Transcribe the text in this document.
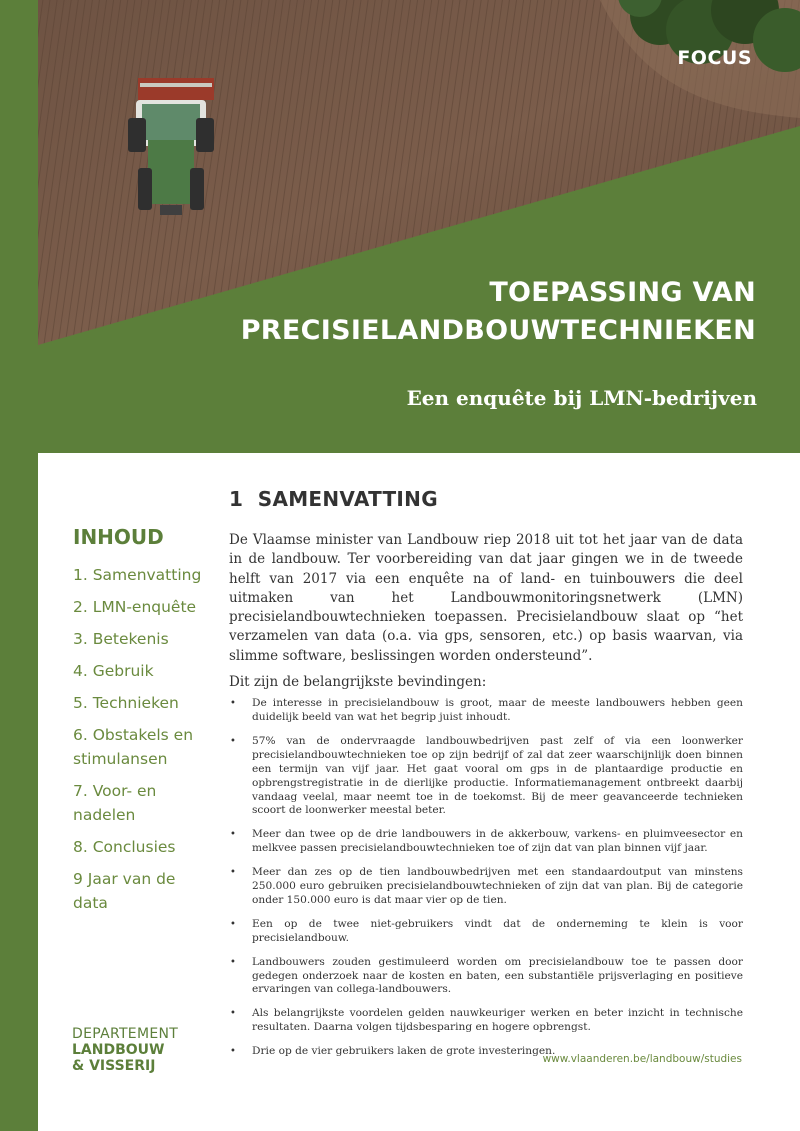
FOCUS
TOEPASSING VAN
PRECISIELANDBOUWTECHNIEKEN
Een enquête bij LMN-bedrijven
INHOUD
1. Samenvatting
2. LMN-enquête
3. Betekenis
4. Gebruik
5. Technieken
6. Obstakels en stimulansen
7. Voor- en nadelen
8. Conclusies
9 Jaar van de data
DEPARTEMENT
LANDBOUW
& VISSERIJ
1 SAMENVATTING

De Vlaamse minister van Landbouw riep 2018 uit tot het jaar van de data in de landbouw. Ter voorbereiding van dat jaar gingen we in de tweede helft van 2017 via een enquête na of land- en tuinbouwers die deel uitmaken van het Landbouwmonitoringsnetwerk (LMN) precisielandbouwtechnieken toepassen. Precisielandbouw slaat op “het verzamelen van data (o.a. via gps, sensoren, etc.) op basis waarvan, via slimme software, beslissingen worden ondersteund”.

Dit zijn de belangrijkste bevindingen:

• De interesse in precisielandbouw is groot, maar de meeste landbouwers hebben geen duidelijk beeld van wat het begrip juist inhoudt.
• 57% van de ondervraagde landbouwbedrijven past zelf of via een loonwerker precisielandbouwtechnieken toe op zijn bedrijf of zal dat zeer waarschijnlijk doen binnen een termijn van vijf jaar. Het gaat vooral om gps in de plantaardige productie en opbrengstregistratie in de dierlijke productie. Informatiemanagement ontbreekt daarbij vandaag veelal, maar neemt toe in de toekomst. Bij de meer geavanceerde technieken scoort de loonwerker meestal beter.
• Meer dan twee op de drie landbouwers in de akkerbouw, varkens- en pluimveesector en melkvee passen precisielandbouwtechnieken toe of zijn dat van plan binnen vijf jaar.
• Meer dan zes op de tien landbouwbedrijven met een standaardoutput van minstens 250.000 euro gebruiken precisielandbouwtechnieken of zijn dat van plan. Bij de categorie onder 150.000 euro is dat maar vier op de tien.
• Een op de twee niet-gebruikers vindt dat de onderneming te klein is voor precisielandbouw.
• Landbouwers zouden gestimuleerd worden om precisielandbouw toe te passen door gedegen onderzoek naar de kosten en baten, een substantiële prijsverlaging en positieve ervaringen van collega-landbouwers.
• Als belangrijkste voordelen gelden nauwkeuriger werken en beter inzicht in technische resultaten. Daarna volgen tijdsbesparing en hogere opbrengst.
• Drie op de vier gebruikers laken de grote investeringen.
www.vlaanderen.be/landbouw/studies
